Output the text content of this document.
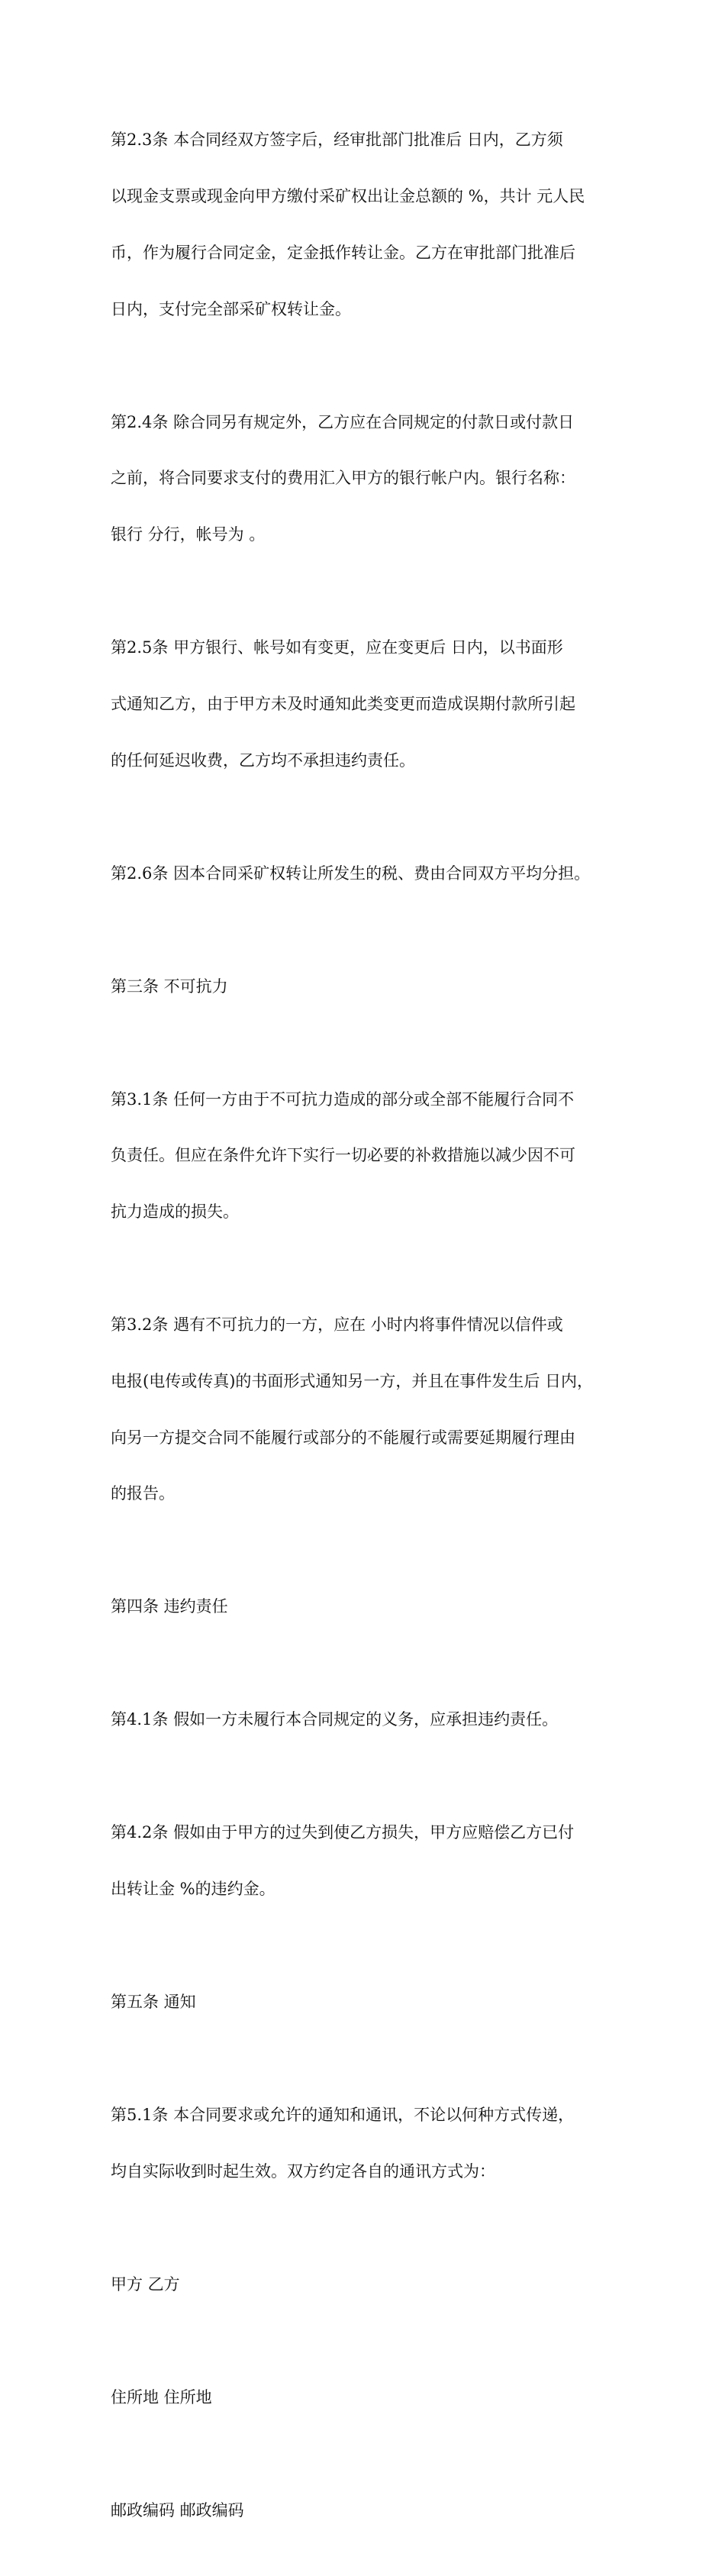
第2.3条 本合同经双方签字后，经审批部门批准后 日内，乙方须

以现金支票或现金向甲方缴付采矿权出让金总额的 %，共计 元人民

币，作为履行合同定金，定金抵作转让金。乙方在审批部门批准后

日内，支付完全部采矿权转让金。

第2.4条 除合同另有规定外，乙方应在合同规定的付款日或付款日

之前，将合同要求支付的费用汇入甲方的银行帐户内。银行名称：

银行 分行，帐号为 。

第2.5条 甲方银行、帐号如有变更，应在变更后 日内，以书面形

式通知乙方，由于甲方未及时通知此类变更而造成误期付款所引起

的任何延迟收费，乙方均不承担违约责任。

第2.6条 因本合同采矿权转让所发生的税、费由合同双方平均分担。

第三条 不可抗力

第3.1条 任何一方由于不可抗力造成的部分或全部不能履行合同不

负责任。但应在条件允许下实行一切必要的补救措施以减少因不可

抗力造成的损失。

第3.2条 遇有不可抗力的一方，应在 小时内将事件情况以信件或

电报(电传或传真)的书面形式通知另一方，并且在事件发生后 日内，

向另一方提交合同不能履行或部分的不能履行或需要延期履行理由

的报告。

第四条 违约责任

第4.1条 假如一方未履行本合同规定的义务，应承担违约责任。

第4.2条 假如由于甲方的过失到使乙方损失，甲方应赔偿乙方已付

出转让金 %的违约金。

第五条 通知

第5.1条 本合同要求或允许的通知和通讯，不论以何种方式传递，

均自实际收到时起生效。双方约定各自的通讯方式为：

甲方 乙方

住所地 住所地

邮政编码 邮政编码
